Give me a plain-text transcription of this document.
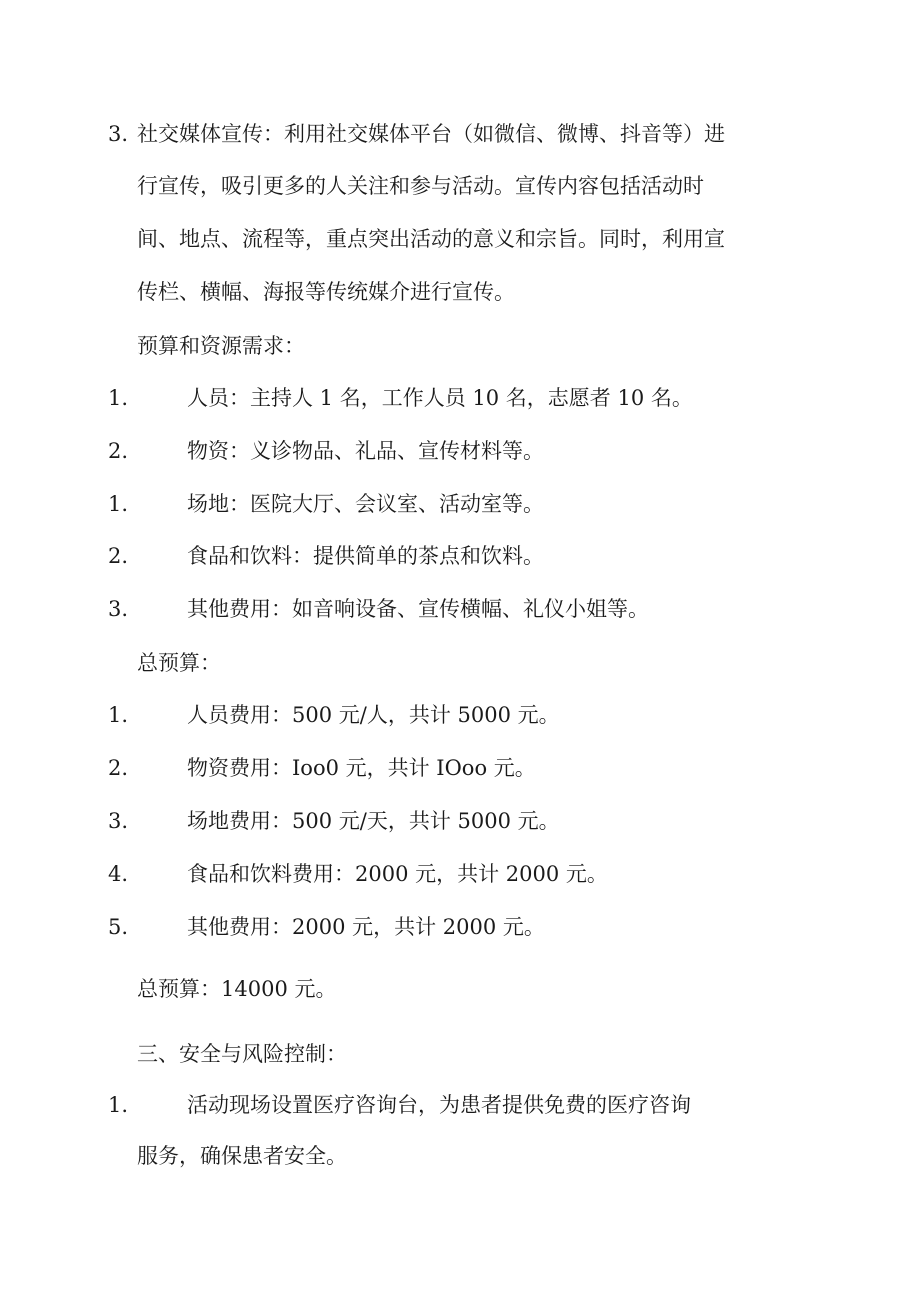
3. 社交媒体宣传：利用社交媒体平台（如微信、微博、抖音等）进
行宣传，吸引更多的人关注和参与活动。宣传内容包括活动时
间、地点、流程等，重点突出活动的意义和宗旨。同时，利用宣
传栏、横幅、海报等传统媒介进行宣传。
预算和资源需求：
1.	人员：主持人 1 名，工作人员 10 名，志愿者 10 名。
2.	物资：义诊物品、礼品、宣传材料等。
1.	场地：医院大厅、会议室、活动室等。
2.	食品和饮料：提供简单的茶点和饮料。
3.	其他费用：如音响设备、宣传横幅、礼仪小姐等。
总预算：
1.	人员费用：500 元/人，共计 5000 元。
2.	物资费用：Ioo0 元，共计 IOoo 元。
3.	场地费用：500 元/天，共计 5000 元。
4.	食品和饮料费用：2000 元，共计 2000 元。
5.	其他费用：2000 元，共计 2000 元。
总预算：14000 元。
三、安全与风险控制：
1.	活动现场设置医疗咨询台，为患者提供免费的医疗咨询
服务，确保患者安全。
